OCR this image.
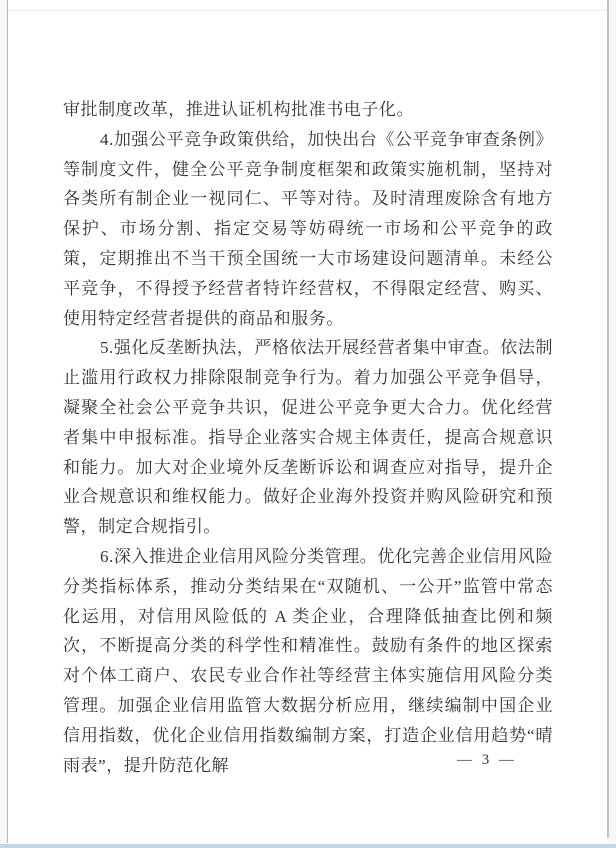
审批制度改革，推进认证机构批准书电子化。

4.加强公平竞争政策供给，加快出台《公平竞争审查条例》等制度文件，健全公平竞争制度框架和政策实施机制，坚持对各类所有制企业一视同仁、平等对待。及时清理废除含有地方保护、市场分割、指定交易等妨碍统一市场和公平竞争的政策，定期推出不当干预全国统一大市场建设问题清单。未经公平竞争，不得授予经营者特许经营权，不得限定经营、购买、使用特定经营者提供的商品和服务。

5.强化反垄断执法，严格依法开展经营者集中审查。依法制止滥用行政权力排除限制竞争行为。着力加强公平竞争倡导，凝聚全社会公平竞争共识，促进公平竞争更大合力。优化经营者集中申报标准。指导企业落实合规主体责任，提高合规意识和能力。加大对企业境外反垄断诉讼和调查应对指导，提升企业合规意识和维权能力。做好企业海外投资并购风险研究和预警，制定合规指引。

6.深入推进企业信用风险分类管理。优化完善企业信用风险分类指标体系，推动分类结果在“双随机、一公开”监管中常态化运用，对信用风险低的 A 类企业，合理降低抽查比例和频次，不断提高分类的科学性和精准性。鼓励有条件的地区探索对个体工商户、农民专业合作社等经营主体实施信用风险分类管理。加强企业信用监管大数据分析应用，继续编制中国企业信用指数，优化企业信用指数编制方案，打造企业信用趋势“晴雨表”，提升防范化解	— 3 —
